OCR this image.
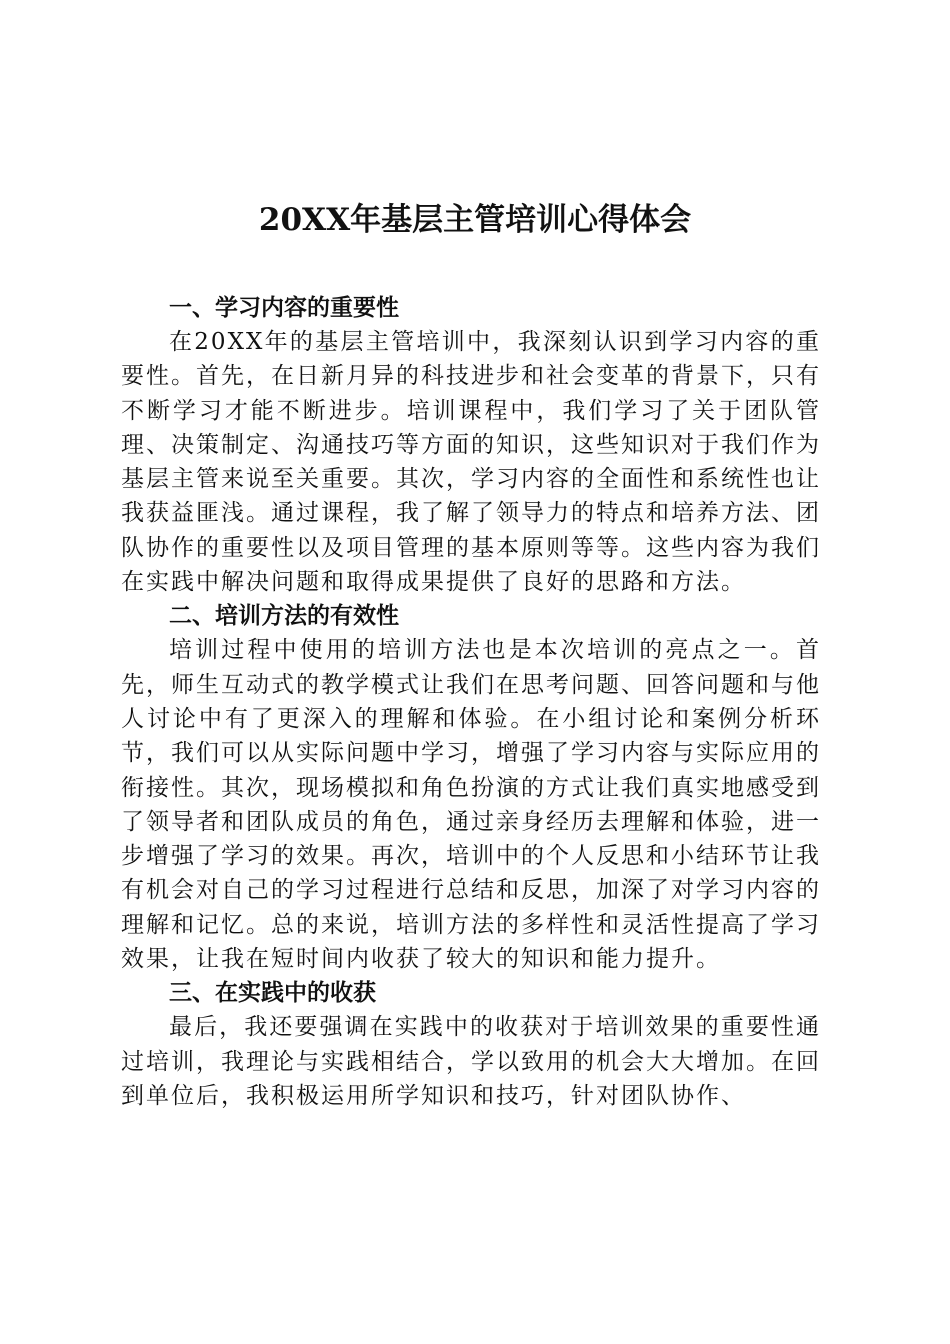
20XX年基层主管培训心得体会
一、学习内容的重要性

在20XX年的基层主管培训中，我深刻认识到学习内容的重要性。首先，在日新月异的科技进步和社会变革的背景下，只有不断学习才能不断进步。培训课程中，我们学习了关于团队管理、决策制定、沟通技巧等方面的知识，这些知识对于我们作为基层主管来说至关重要。其次，学习内容的全面性和系统性也让我获益匪浅。通过课程，我了解了领导力的特点和培养方法、团队协作的重要性以及项目管理的基本原则等等。这些内容为我们在实践中解决问题和取得成果提供了良好的思路和方法。

二、培训方法的有效性

培训过程中使用的培训方法也是本次培训的亮点之一。首先，师生互动式的教学模式让我们在思考问题、回答问题和与他人讨论中有了更深入的理解和体验。在小组讨论和案例分析环节，我们可以从实际问题中学习，增强了学习内容与实际应用的衔接性。其次，现场模拟和角色扮演的方式让我们真实地感受到了领导者和团队成员的角色，通过亲身经历去理解和体验，进一步增强了学习的效果。再次，培训中的个人反思和小结环节让我有机会对自己的学习过程进行总结和反思，加深了对学习内容的理解和记忆。总的来说，培训方法的多样性和灵活性提高了学习效果，让我在短时间内收获了较大的知识和能力提升。

三、在实践中的收获

最后，我还要强调在实践中的收获对于培训效果的重要性通过培训，我理论与实践相结合，学以致用的机会大大增加。在回到单位后，我积极运用所学知识和技巧，针对团队协作、
